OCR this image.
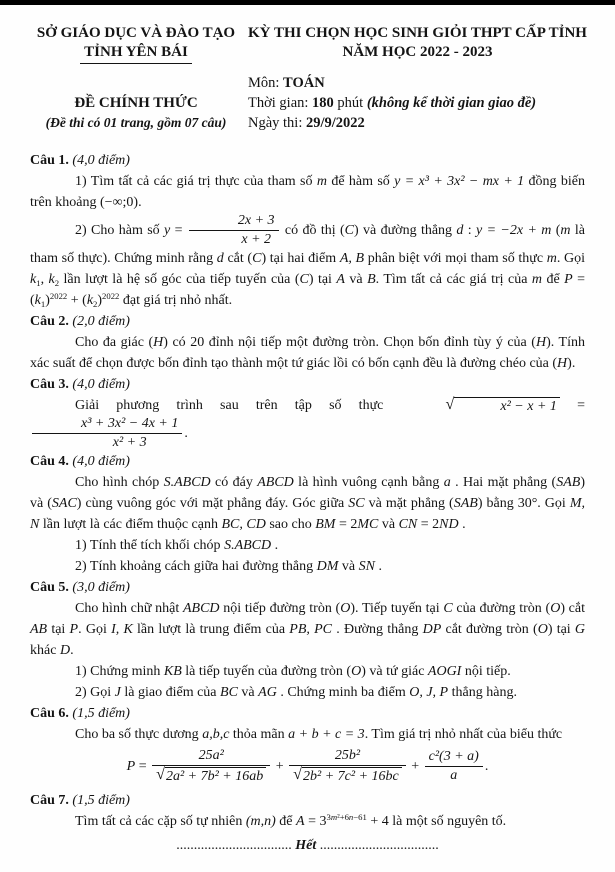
SỞ GIÁO DỤC VÀ ĐÀO TẠO
TỈNH YÊN BÁI
ĐỀ CHÍNH THỨC
(Đề thi có 01 trang, gồm 07 câu)
KỲ THI CHỌN HỌC SINH GIỎI THPT CẤP TỈNH
NĂM HỌC 2022 - 2023
Môn: TOÁN
Thời gian: 180 phút (không kể thời gian giao đề)
Ngày thi: 29/9/2022
Câu 1. (4,0 điểm)
1) Tìm tất cả các giá trị thực của tham số m để hàm số y = x³ + 3x² − mx + 1 đồng biến trên khoảng (−∞;0).
2) Cho hàm số $y = \frac{2x + 3}{x + 2}$ có đồ thị (C) và đường thẳng d : y = −2x + m (m là tham số thực). Chứng minh rằng d cắt (C) tại hai điểm A, B phân biệt với mọi tham số thực m. Gọi k1, k2 lần lượt là hệ số góc của tiếp tuyến của (C) tại A và B. Tìm tất cả các giá trị của m để $P = (k1)^{2022} + (k2)^{2022}$ đạt giá trị nhỏ nhất.
Câu 2. (2,0 điểm)
Cho đa giác (H) có 20 đỉnh nội tiếp một đường tròn. Chọn bốn đỉnh tùy ý của (H). Tính xác suất để chọn được bốn đỉnh tạo thành một tứ giác lồi có bốn cạnh đều là đường chéo của (H).
Câu 3. (4,0 điểm)
Giải phương trình sau trên tập số thực	√	x² − x + 1 =
$\frac{\text{x³ + 3x² − 4x + 1}}{\text{x² + 3}}$ .
Câu 4. (4,0 điểm)
Cho hình chóp S.ABCD có đáy ABCD là hình vuông cạnh bằng a . Hai mặt phẳng (SAB) và (SAC) cùng vuông góc với mặt phẳng đáy. Góc giữa SC và mặt phẳng (SAB) bằng 30°. Gọi M, N lần lượt là các điểm thuộc cạnh BC, CD sao cho BM = 2MC và CN = 2ND .
1) Tính thể tích khối chóp S.ABCD .
2) Tính khoảng cách giữa hai đường thẳng DM và SN .
Câu 5. (3,0 điểm)
Cho hình chữ nhật ABCD nội tiếp đường tròn (O). Tiếp tuyến tại C của đường tròn (O) cắt AB tại P. Gọi I, K lần lượt là trung điểm của PB, PC . Đường thẳng DP cắt đường tròn (O) tại G khác D.
1) Chứng minh KB là tiếp tuyến của đường tròn (O) và tứ giác AOGI nội tiếp.
2) Gọi J là giao điểm của BC và AG . Chứng minh ba điểm O, J, P thẳng hàng.
Câu 6. (1,5 điểm)
Cho ba số thực dương a,b,c thỏa mãn a + b + c = 3. Tìm giá trị nhỏ nhất của biểu thức
$P = \frac{\text{25a²}}{\text{√ 2a² + 7b² + 16ab}} + \frac{\text{25b²}}{\text{√ 2b² + 7c² + 16bc}} + \frac{\text{c²(3 + a)}}{a}$ .
Câu 7. (1,5 điểm)
Tìm tất cả các cặp số tự nhiên (m,n) để $A = 3^{3m^2+6n-61} + 4$ là một số nguyên tố.
................................. Hết ..................................
